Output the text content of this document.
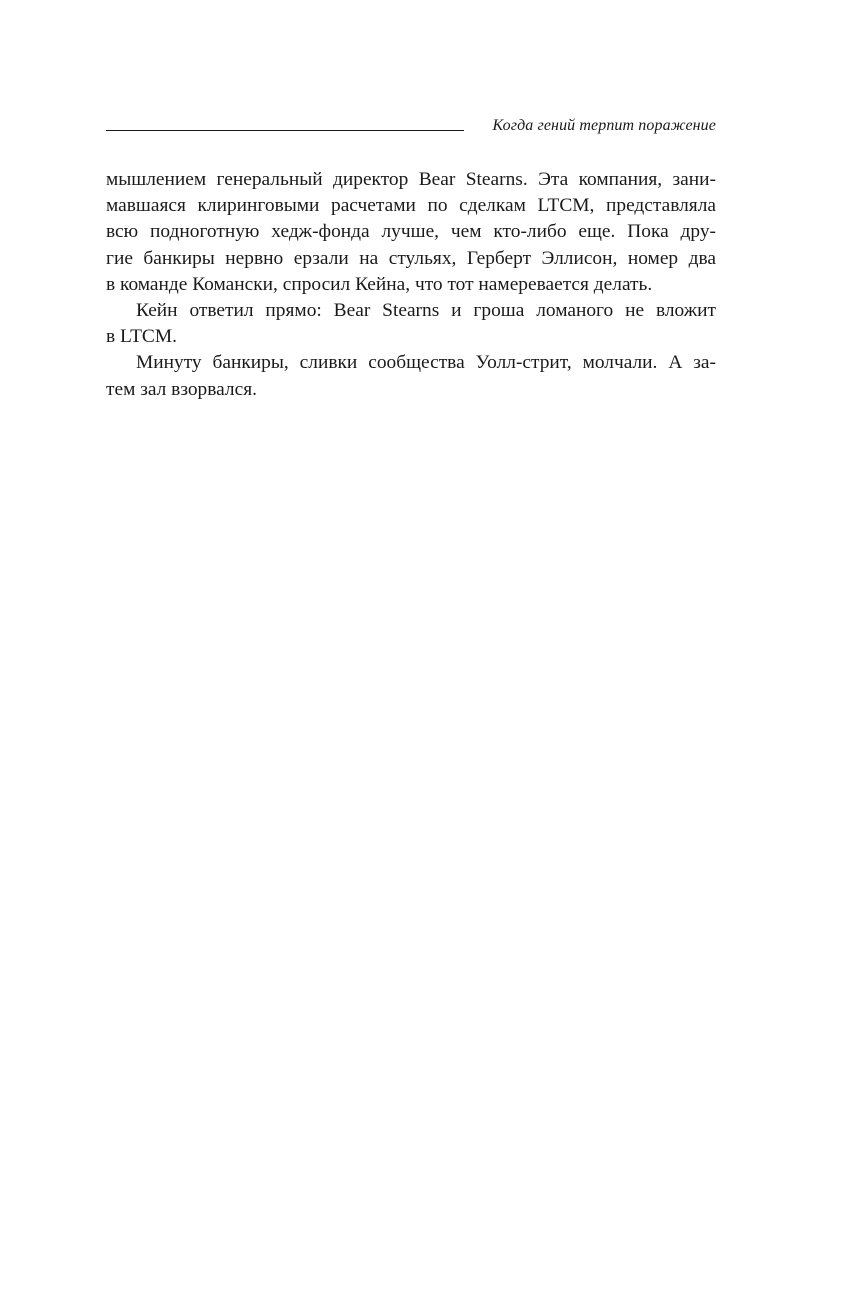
Когда гений терпит поражение
мышлением генеральный директор Bear Stearns. Эта компания, зани-
мавшаяся клиринговыми расчетами по сделкам LTCM, представляла
всю подноготную хедж-фонда лучше, чем кто-либо еще. Пока дру-
гие банкиры нервно ерзали на стульях, Герберт Эллисон, номер два
в команде Комански, спросил Кейна, что тот намеревается делать.
Кейн ответил прямо: Bear Stearns и гроша ломаного не вложит
в LTCM.
Минуту банкиры, сливки сообщества Уолл-стрит, молчали. А за-
тем зал взорвался.
